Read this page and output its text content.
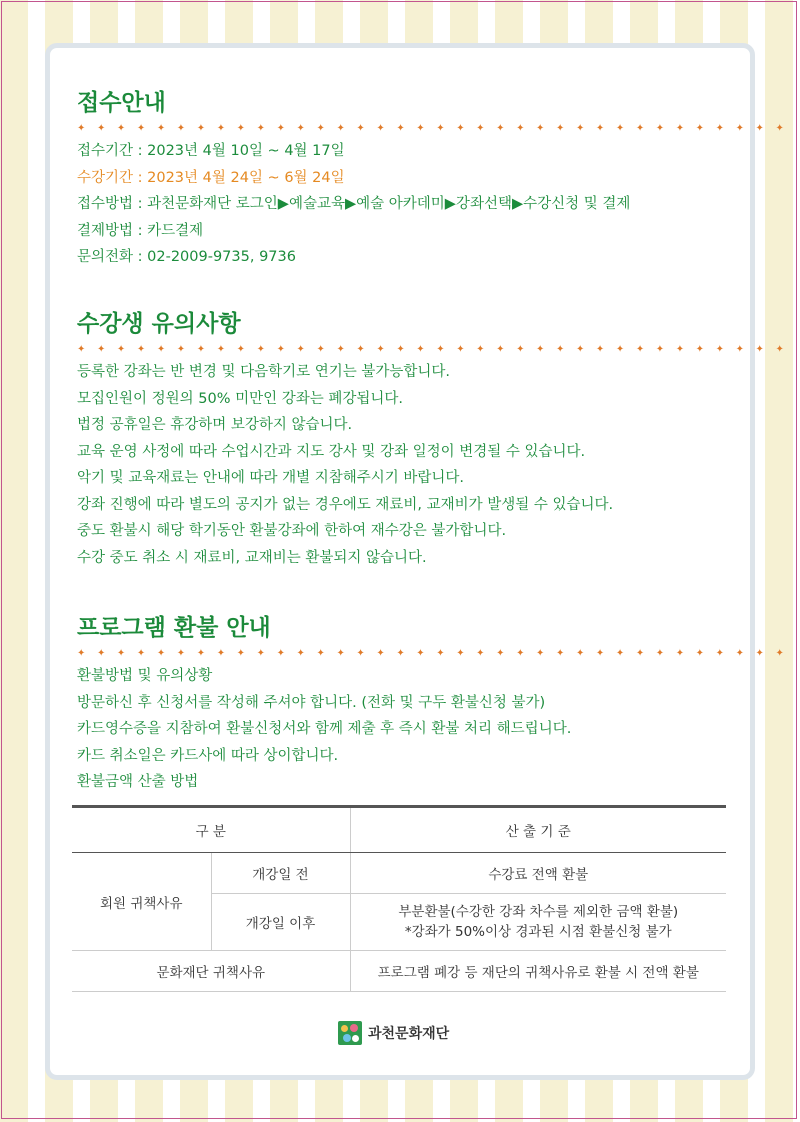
접수안내
✦ ✦ ✦ ✦ ✦ ✦ ✦ ✦ ✦ ✦ ✦ ✦ ✦ ✦ ✦ ✦ ✦ ✦ ✦ ✦ ✦ ✦ ✦ ✦ ✦ ✦ ✦ ✦ ✦ ✦ ✦ ✦ ✦ ✦ ✦ ✦
접수기간 : 2023년 4월 10일 ~ 4월 17일
수강기간 : 2023년 4월 24일 ~ 6월 24일
접수방법 : 과천문화재단 로그인▶예술교육▶예술 아카데미▶강좌선택▶수강신청 및 결제
결제방법 : 카드결제
문의전화 : 02-2009-9735, 9736
수강생 유의사항
✦ ✦ ✦ ✦ ✦ ✦ ✦ ✦ ✦ ✦ ✦ ✦ ✦ ✦ ✦ ✦ ✦ ✦ ✦ ✦ ✦ ✦ ✦ ✦ ✦ ✦ ✦ ✦ ✦ ✦ ✦ ✦ ✦ ✦ ✦ ✦
등록한 강좌는 반 변경 및 다음학기로 연기는 불가능합니다.
모집인원이 정원의 50% 미만인 강좌는 폐강됩니다.
법정 공휴일은 휴강하며 보강하지 않습니다.
교육 운영 사정에 따라 수업시간과 지도 강사 및 강좌 일정이 변경될 수 있습니다.
악기 및 교육재료는 안내에 따라 개별 지참해주시기 바랍니다.
강좌 진행에 따라 별도의 공지가 없는 경우에도 재료비, 교재비가 발생될 수 있습니다.
중도 환불시 해당 학기동안 환불강좌에 한하여 재수강은 불가합니다.
수강 중도 취소 시 재료비, 교재비는 환불되지 않습니다.
프로그램 환불 안내
✦ ✦ ✦ ✦ ✦ ✦ ✦ ✦ ✦ ✦ ✦ ✦ ✦ ✦ ✦ ✦ ✦ ✦ ✦ ✦ ✦ ✦ ✦ ✦ ✦ ✦ ✦ ✦ ✦ ✦ ✦ ✦ ✦ ✦ ✦ ✦
환불방법 및 유의상황
방문하신 후 신청서를 작성해 주셔야 합니다. (전화 및 구두 환불신청 불가)
카드영수증을 지참하여 환불신청서와 함께 제출 후 즉시 환불 처리 해드립니다.
카드 취소일은 카드사에 따라 상이합니다.
환불금액 산출 방법
구 분		산 출 기 준
회원 귀책사유	개강일 전	수강료 전액 환불
	개강일 이후	부분환불(수강한 강좌 차수를 제외한 금액 환불)
*강좌가 50%이상 경과된 시점 환불신청 불가

문화재단 귀책사유		프로그램 폐강 등 재단의 귀책사유로 환불 시 전액 환불
과천문화재단
